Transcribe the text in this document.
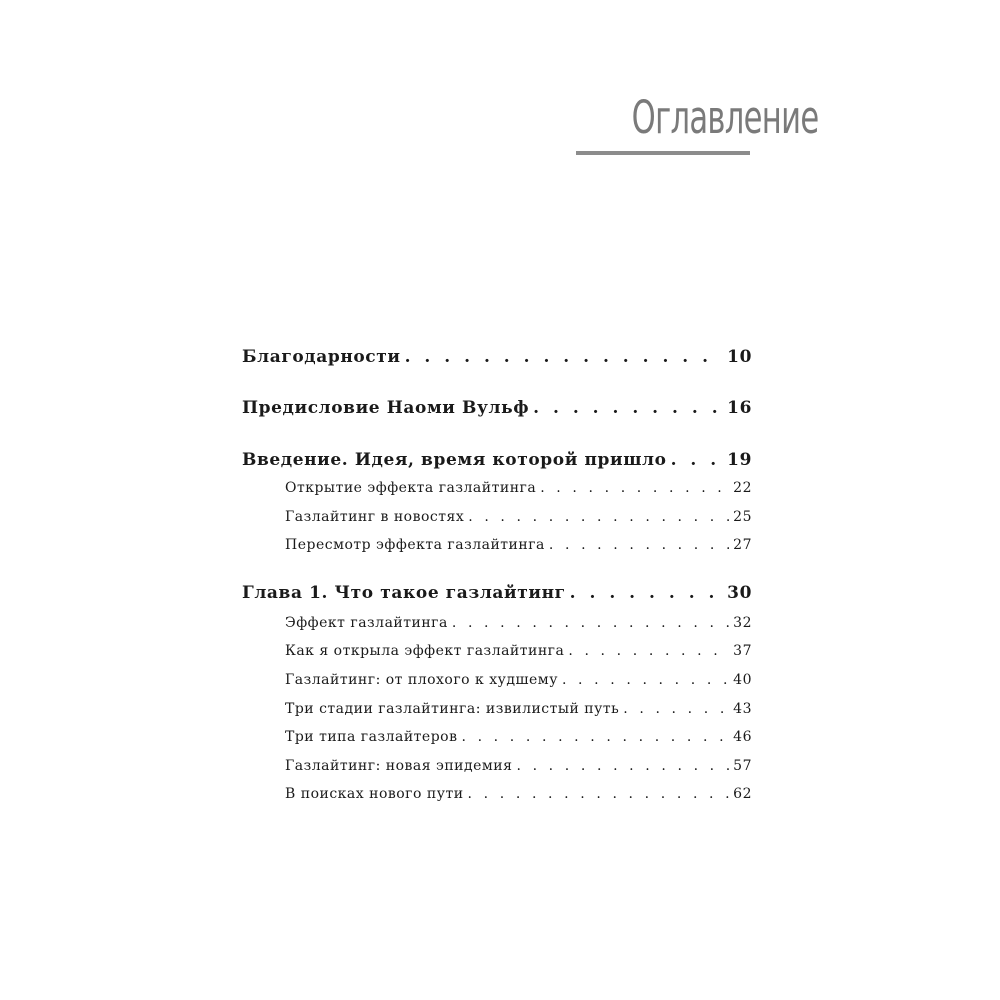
Оглавление
Благодарности . . .	10
Предисловие Наоми Вульф . . .	16
Введение. Идея, время которой пришло . . .	19
Открытие эффекта газлайтинга . . .	22
Газлайтинг в новостях . . .	25
Пересмотр эффекта газлайтинга . . .	27
Глава 1. Что такое газлайтинг . . .	30
Эффект газлайтинга . . .	32
Как я открыла эффект газлайтинга . . .	37
Газлайтинг: от плохого к худшему . . .	40
Три стадии газлайтинга: извилистый путь . . .	43
Три типа газлайтеров . . .	46
Газлайтинг: новая эпидемия . . .	57
В поисках нового пути . . .	62
